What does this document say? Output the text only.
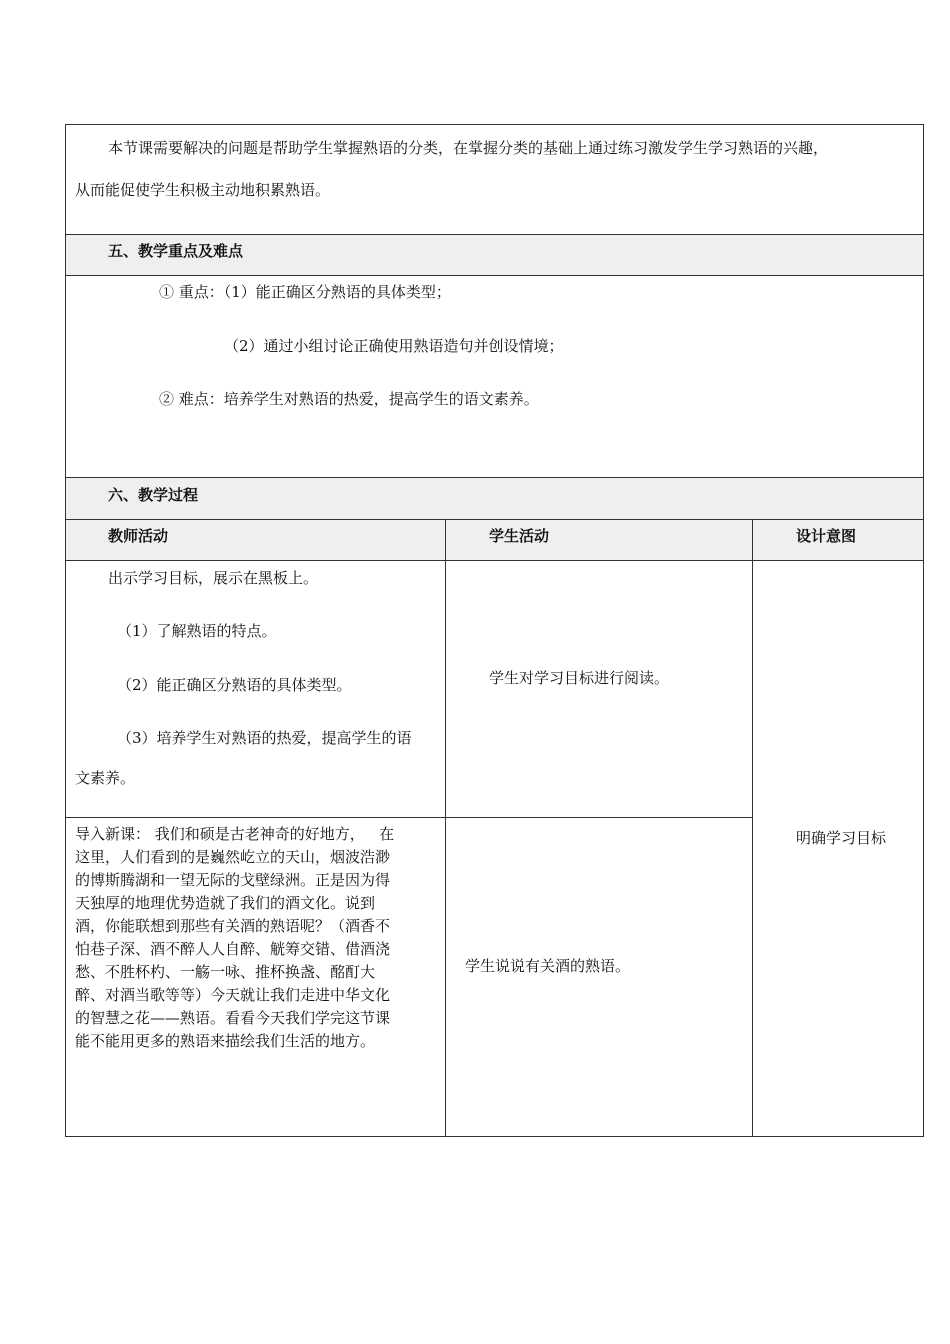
本节课需要解决的问题是帮助学生掌握熟语的分类，在掌握分类的基础上通过练习激发学生学习熟语的兴趣，
从而能促使学生积极主动地积累熟语。
五、教学重点及难点
① 重点：（1）能正确区分熟语的具体类型；
（2）通过小组讨论正确使用熟语造句并创设情境；
② 难点：培养学生对熟语的热爱，提高学生的语文素养。
六、教学过程
教师活动	学生活动	设计意图
出示学习目标，展示在黑板上。
（1）了解熟语的特点。
（2）能正确区分熟语的具体类型。
（3）培养学生对熟语的热爱，提高学生的语
文素养。
学生对学习目标进行阅读。
明确学习目标
导入新课： 我们和硕是古老神奇的好地方，   在
这里，人们看到的是巍然屹立的天山，烟波浩渺
的博斯腾湖和一望无际的戈壁绿洲。正是因为得
天独厚的地理优势造就了我们的酒文化。说到
酒，你能联想到那些有关酒的熟语呢？（酒香不
怕巷子深、酒不醉人人自醉、觥筹交错、借酒浇
愁、不胜杯杓、一觞一咏、推杯换盏、酩酊大
醉、对酒当歌等等）今天就让我们走进中华文化
的智慧之花——熟语。看看今天我们学完这节课
能不能用更多的熟语来描绘我们生活的地方。
学生说说有关酒的熟语。
